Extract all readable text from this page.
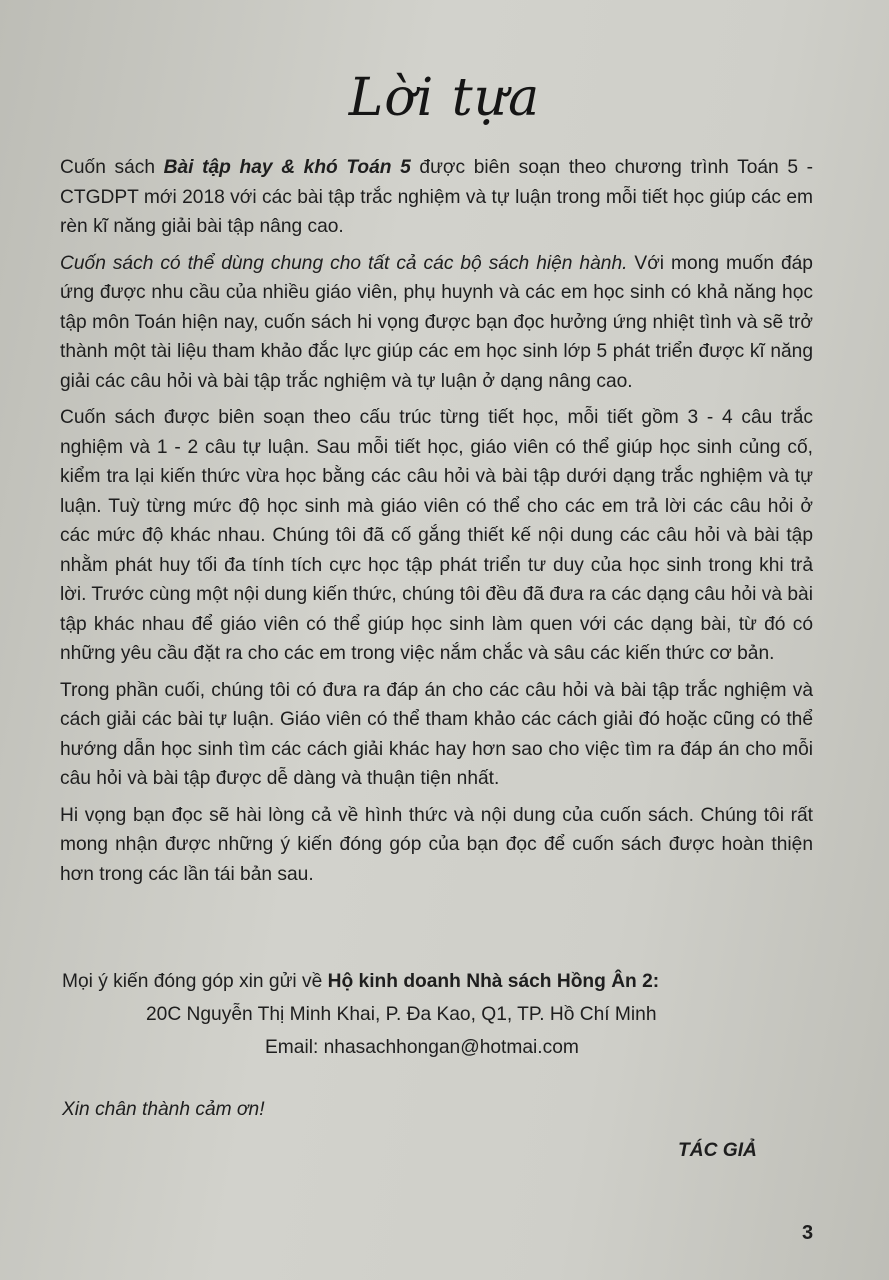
Lời tựa

Cuốn sách Bài tập hay & khó Toán 5 được biên soạn theo chương trình Toán 5 - CTGDPT mới 2018 với các bài tập trắc nghiệm và tự luận trong mỗi tiết học giúp các em rèn kĩ năng giải bài tập nâng cao.

Cuốn sách có thể dùng chung cho tất cả các bộ sách hiện hành. Với mong muốn đáp ứng được nhu cầu của nhiều giáo viên, phụ huynh và các em học sinh có khả năng học tập môn Toán hiện nay, cuốn sách hi vọng được bạn đọc hưởng ứng nhiệt tình và sẽ trở thành một tài liệu tham khảo đắc lực giúp các em học sinh lớp 5 phát triển được kĩ năng giải các câu hỏi và bài tập trắc nghiệm và tự luận ở dạng nâng cao.

Cuốn sách được biên soạn theo cấu trúc từng tiết học, mỗi tiết gồm 3 - 4 câu trắc nghiệm và 1 - 2 câu tự luận. Sau mỗi tiết học, giáo viên có thể giúp học sinh củng cố, kiểm tra lại kiến thức vừa học bằng các câu hỏi và bài tập dưới dạng trắc nghiệm và tự luận. Tuỳ từng mức độ học sinh mà giáo viên có thể cho các em trả lời các câu hỏi ở các mức độ khác nhau. Chúng tôi đã cố gắng thiết kế nội dung các câu hỏi và bài tập nhằm phát huy tối đa tính tích cực học tập phát triển tư duy của học sinh trong khi trả lời. Trước cùng một nội dung kiến thức, chúng tôi đều đã đưa ra các dạng câu hỏi và bài tập khác nhau để giáo viên có thể giúp học sinh làm quen với các dạng bài, từ đó có những yêu cầu đặt ra cho các em trong việc nắm chắc và sâu các kiến thức cơ bản.

Trong phần cuối, chúng tôi có đưa ra đáp án cho các câu hỏi và bài tập trắc nghiệm và cách giải các bài tự luận. Giáo viên có thể tham khảo các cách giải đó hoặc cũng có thể hướng dẫn học sinh tìm các cách giải khác hay hơn sao cho việc tìm ra đáp án cho mỗi câu hỏi và bài tập được dễ dàng và thuận tiện nhất.

Hi vọng bạn đọc sẽ hài lòng cả về hình thức và nội dung của cuốn sách. Chúng tôi rất mong nhận được những ý kiến đóng góp của bạn đọc để cuốn sách được hoàn thiện hơn trong các lần tái bản sau.

Mọi ý kiến đóng góp xin gửi về Hộ kinh doanh Nhà sách Hồng Ân 2:
20C Nguyễn Thị Minh Khai, P. Đa Kao, Q1, TP. Hồ Chí Minh
Email: nhasachhongan@hotmai.com
Xin chân thành cảm ơn!
TÁC GIẢ
3
